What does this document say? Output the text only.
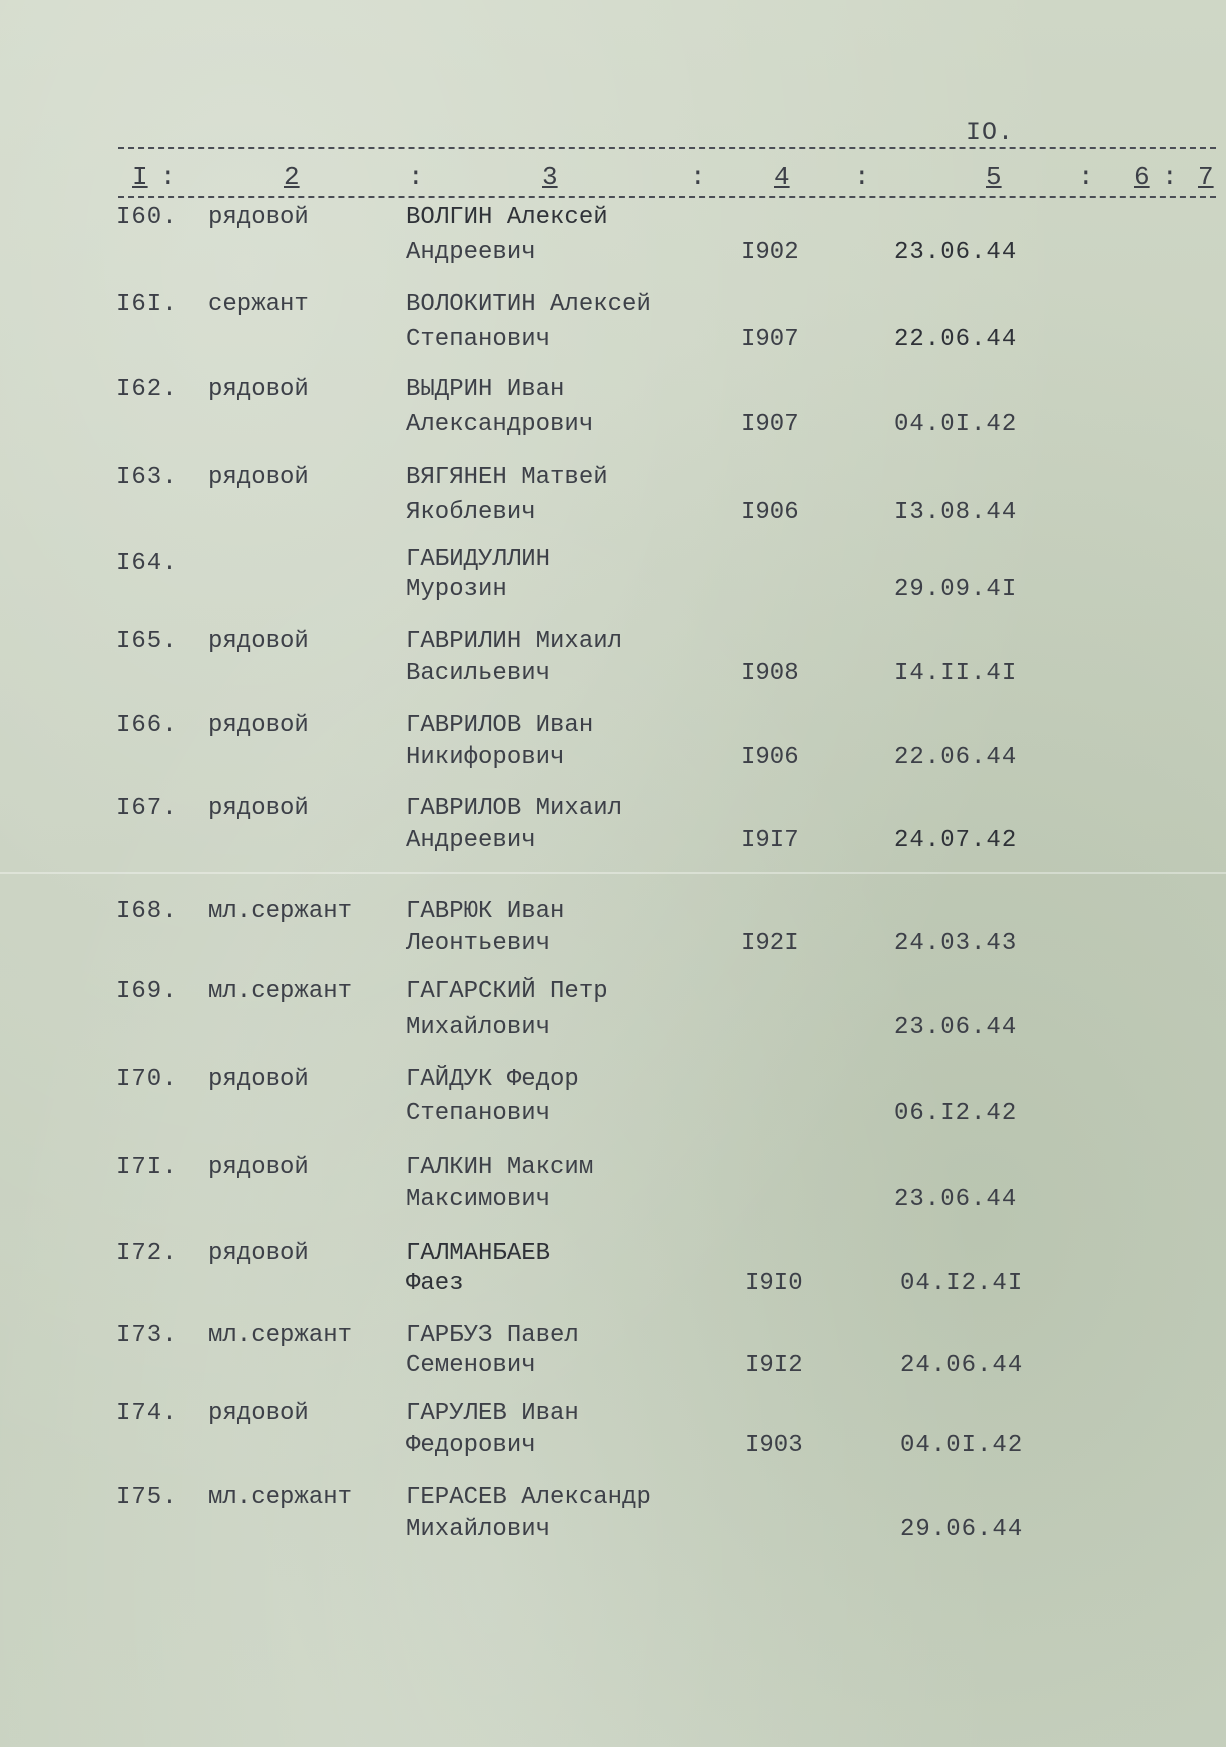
IO.
I :	2	:	3	:	4 :	5	: 6 : 7
I60. рядовой	ВОЛГИН Алексей
Андреевич	I902	23.06.44
I6I. сержант	ВОЛОКИТИН Алексей
Степанович	I907	22.06.44
I62. рядовой	ВЫДРИН Иван
Александрович	I907	04.0I.42
I63. рядовой	ВЯГЯНЕН Матвей
Якоблевич	I906	I3.08.44
I64.	ГАБИДУЛЛИН
Мурозин	29.09.4I
I65. рядовой	ГАВРИЛИН Михаил
Васильевич	I908	I4.II.4I
I66. рядовой	ГАВРИЛОВ Иван
Никифорович	I906	22.06.44
I67. рядовой	ГАВРИЛОВ Михаил
Андреевич	I9I7	24.07.42
I68. мл.сержант ГАВРЮК Иван
Леонтьевич	I92I	24.03.43
I69. мл.сержант ГАГАРСКИЙ Петр
Михайлович	23.06.44
I70. рядовой	ГАЙДУК Федор
Степанович	06.I2.42
I7I. рядовой	ГАЛКИН Максим
Максимович	23.06.44
I72. рядовой	ГАЛМАНБАЕВ
Фаез	I9I0	04.I2.4I
I73. мл.сержант ГАРБУЗ Павел
Семенович	I9I2	24.06.44
I74. рядовой	ГАРУЛЕВ Иван
Федорович	I903	04.0I.42
I75. мл.сержант ГЕРАСЕВ Александр
Михайлович	29.06.44
